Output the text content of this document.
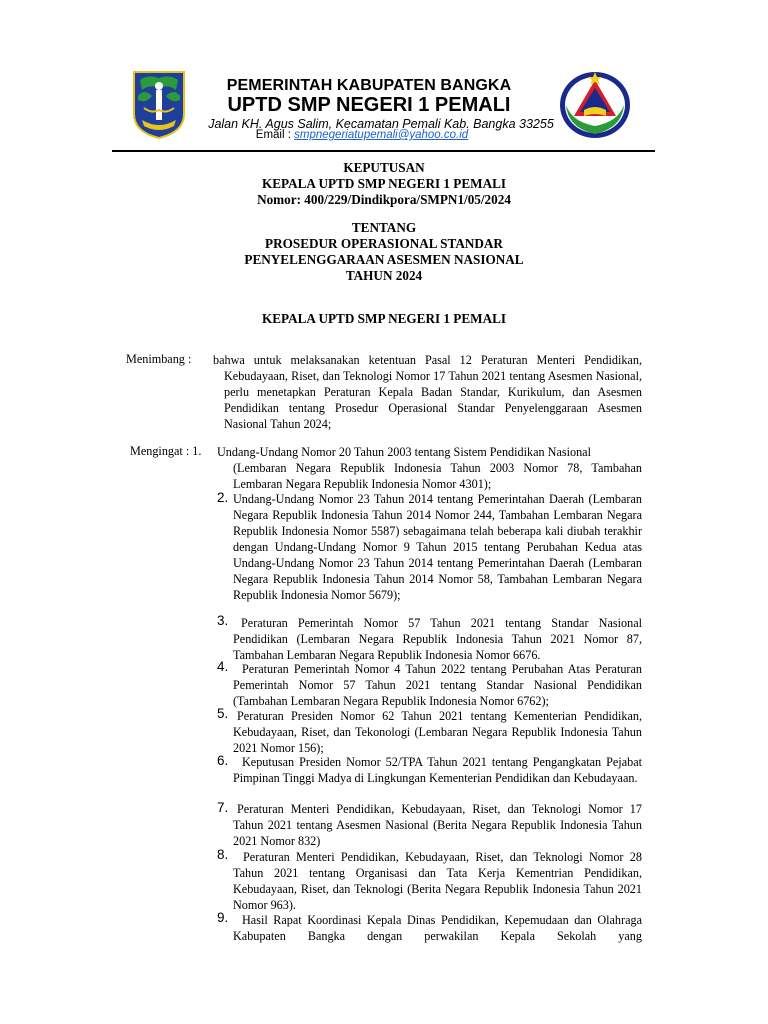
PEMERINTAH KABUPATEN BANGKA
UPTD SMP NEGERI 1 PEMALI
Jalan KH. Agus Salim, Kecamatan Pemali Kab. Bangka 33255
Email : smpnegeriatupemali@yahoo.co.id
KEPUTUSAN
KEPALA UPTD SMP NEGERI 1 PEMALI
Nomor: 400/229/Dindikpora/SMPN1/05/2024
TENTANG
PROSEDUR OPERASIONAL STANDAR
PENYELENGGARAAN ASESMEN NASIONAL
TAHUN 2024
KEPALA UPTD SMP NEGERI 1 PEMALI
Menimbang : bahwa untuk melaksanakan ketentuan Pasal 12 Peraturan Menteri Pendidikan, Kebudayaan, Riset, dan Teknologi Nomor 17 Tahun 2021 tentang Asesmen Nasional, perlu menetapkan Peraturan Kepala Badan Standar, Kurikulum, dan Asesmen Pendidikan tentang Prosedur Operasional Standar Penyelenggaraan Asesmen Nasional Tahun 2024;
Mengingat : 1. Undang-Undang Nomor 20 Tahun 2003 tentang Sistem Pendidikan Nasional
(Lembaran Negara Republik Indonesia Tahun 2003 Nomor 78, Tambahan Lembaran Negara Republik Indonesia Nomor 4301);
2. Undang-Undang Nomor 23 Tahun 2014 tentang Pemerintahan Daerah (Lembaran Negara Republik Indonesia Tahun 2014 Nomor 244, Tambahan Lembaran Negara Republik Indonesia Nomor 5587) sebagaimana telah beberapa kali diubah terakhir dengan Undang-Undang Nomor 9 Tahun 2015 tentang Perubahan Kedua atas Undang-Undang Nomor 23 Tahun 2014 tentang Pemerintahan Daerah (Lembaran Negara Republik Indonesia Tahun 2014 Nomor 58, Tambahan Lembaran Negara Republik Indonesia Nomor 5679);
3.	Peraturan Pemerintah Nomor 57 Tahun 2021 tentang Standar Nasional Pendidikan (Lembaran Negara Republik Indonesia Tahun 2021 Nomor 87, Tambahan Lembaran Negara Republik Indonesia Nomor 6676.
4.	Peraturan Pemerintah Nomor 4 Tahun 2022 tentang Perubahan Atas Peraturan Pemerintah Nomor 57 Tahun 2021 tentang Standar Nasional Pendidikan (Tambahan Lembaran Negara Republik Indonesia Nomor 6762);
5. Peraturan Presiden Nomor 62 Tahun 2021 tentang Kementerian Pendidikan, Kebudayaan, Riset, dan Tekonologi (Lembaran Negara Republik Indonesia Tahun 2021 Nomor 156);
6.	Keputusan Presiden Nomor 52/TPA Tahun 2021 tentang Pengangkatan Pejabat Pimpinan Tinggi Madya di Lingkungan Kementerian Pendidikan dan Kebudayaan.
7. Peraturan Menteri Pendidikan, Kebudayaan, Riset, dan Teknologi Nomor 17 Tahun 2021 tentang Asesmen Nasional (Berita Negara Republik Indonesia Tahun 2021 Nomor 832)
8.	Peraturan Menteri Pendidikan, Kebudayaan, Riset, dan Teknologi Nomor 28 Tahun 2021 tentang Organisasi dan Tata Kerja Kementrian Pendidikan, Kebudayaan, Riset, dan Teknologi (Berita Negara Republik Indonesia Tahun 2021 Nomor 963).
9.	Hasil Rapat Koordinasi Kepala Dinas Pendidikan, Kepemudaan dan Olahraga Kabupaten Bangka dengan perwakilan Kepala Sekolah yang
